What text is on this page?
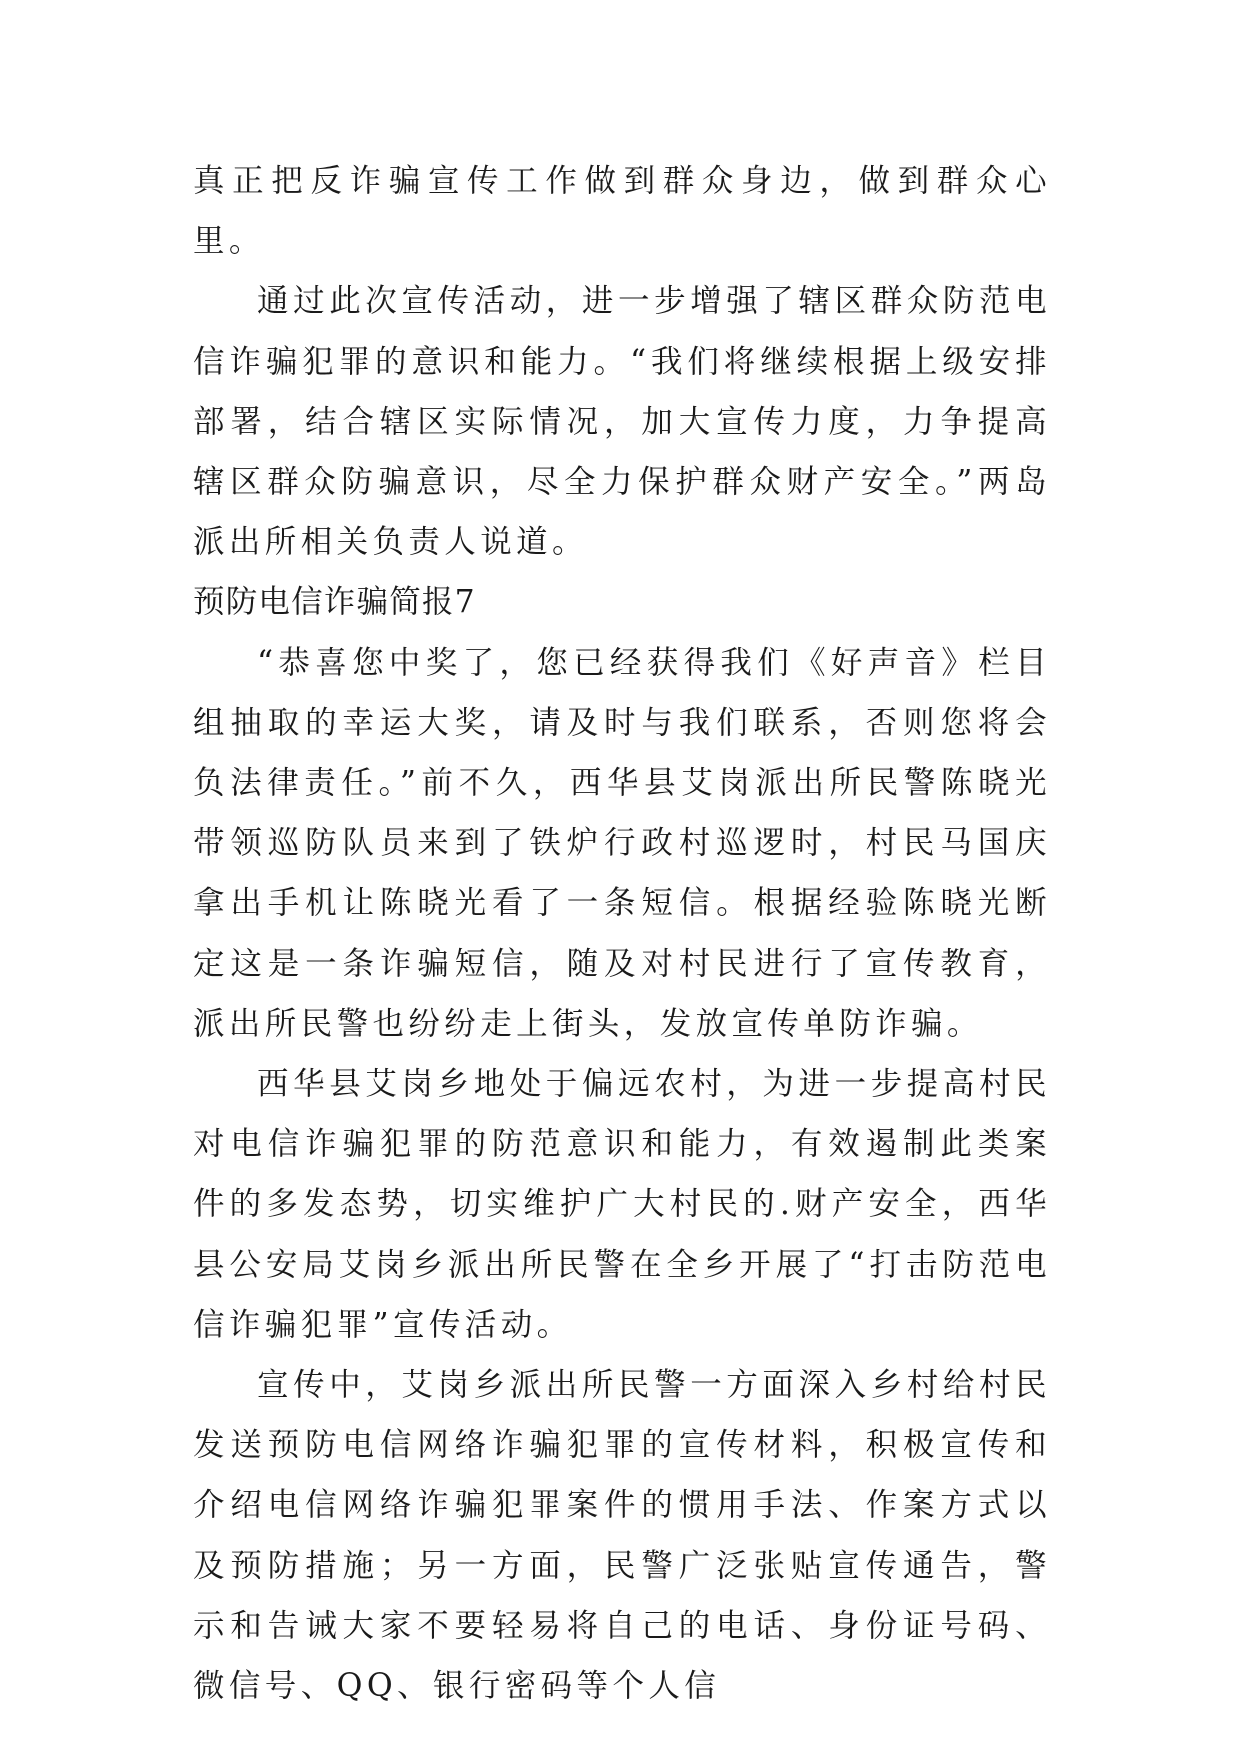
真正把反诈骗宣传工作做到群众身边，做到群众心里。

通过此次宣传活动，进一步增强了辖区群众防范电信诈骗犯罪的意识和能力。“我们将继续根据上级安排部署，结合辖区实际情况，加大宣传力度，力争提高辖区群众防骗意识，尽全力保护群众财产安全。”两岛派出所相关负责人说道。

预防电信诈骗简报7

“恭喜您中奖了，您已经获得我们《好声音》栏目组抽取的幸运大奖，请及时与我们联系，否则您将会负法律责任。”前不久，西华县艾岗派出所民警陈晓光带领巡防队员来到了铁炉行政村巡逻时，村民马国庆拿出手机让陈晓光看了一条短信。根据经验陈晓光断定这是一条诈骗短信，随及对村民进行了宣传教育，派出所民警也纷纷走上街头，发放宣传单防诈骗。

西华县艾岗乡地处于偏远农村，为进一步提高村民对电信诈骗犯罪的防范意识和能力，有效遏制此类案件的多发态势，切实维护广大村民的.财产安全，西华县公安局艾岗乡派出所民警在全乡开展了“打击防范电信诈骗犯罪”宣传活动。

宣传中，艾岗乡派出所民警一方面深入乡村给村民发送预防电信网络诈骗犯罪的宣传材料，积极宣传和介绍电信网络诈骗犯罪案件的惯用手法、作案方式以及预防措施；另一方面，民警广泛张贴宣传通告，警示和告诫大家不要轻易将自己的电话、身份证号码、微信号、QQ、银行密码等个人信
